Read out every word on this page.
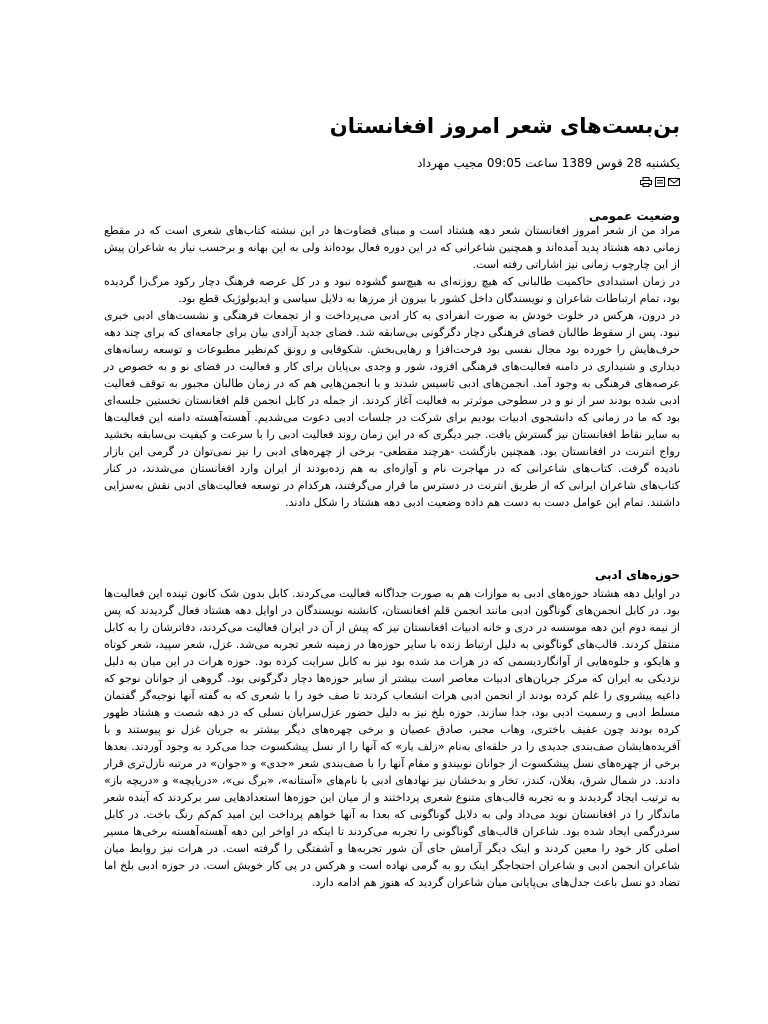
بن‌بست‌های شعر امروز افغانستان
یکشنبه 28 قوس 1389 ساعت 09:05 مجیب مهرداد
وضعیت عمومی

مراد من از شعر امروز افغانستان شعر دهه هشتاد است و مبنای قضاوت‌ها در این نبشته کتاب‌های شعری است که در مقطع زمانی دهه هشتاد پدید آمده‌اند و همچنین شاعرانی که در این دوره فعال بوده‌اند ولی به این بهانه و برحسب نیاز به شاعران پیش از این چارچوب زمانی نیز اشاراتی رفته است.

در زمان استبدادی حاکمیت طالبانی که هیچ روزنه‌ای به هیچ‌سو گشوده نبود و در کل عرصه فرهنگ دچار رکود مرگ‌زا گردیده بود، تمام ارتباطات شاعران و نویسندگان داخل کشور با بیرون از مرزها به دلایل سیاسی و ایدیولوژیک قطع بود.

در درون، هرکس در خلوت خودش به صورت انفرادی به کار ادبی می‌پرداخت و از تجمعات فرهنگی و نشست‌های ادبی خبری نبود. پس از سقوط طالبان فضای فرهنگی دچار دگرگونی بی‌سابقه شد. فضای جدید آزادی بیان برای جامعه‌ای که برای چند دهه حرف‌هایش را خورده بود مجال نفسی بود فرحت‌افزا و رهایی‌بخش. شکوفایی و رونق کم‌نظیر مطبوعات و توسعه رسانه‌های دیداری و شنیداری در دامنه فعالیت‌های فرهنگی افزود، شور و وجدی بی‌پایان برای کار و فعالیت در فضای نو و به خصوص در عرصه‌های فرهنگی به وجود آمد. انجمن‌های ادبی تاسیس شدند و با انجمن‌هایی هم که در زمان طالبان مجبور به توقف فعالیت ادبی شده بودند سر از نو و در سطوحی موثرتر به فعالیت آغاز کردند. از جمله در کابل انجمن قلم افغانستان نخستین جلسه‌ای بود که ما در زمانی که دانشجوی ادبیات بودیم برای شرکت در جلسات ادبی دعوت می‌شدیم. آهسته‌آهسته دامنه این فعالیت‌ها به سایر نقاط افغانستان نیز گسترش یافت. جبر دیگری که در این زمان روند فعالیت ادبی را با سرعت و کیفیت بی‌سابقه بخشید رواج انترنت در افغانستان بود. همچنین بازگشت -هرچند مقطعی- برخی از چهره‌های ادبی را نیز نمی‌توان در گرمی این بازار نادیده گرفت. کتاب‌های شاعرانی که در مهاجرت نام و آوازه‌ای به هم زده‌بودند از ایران وارد افغانستان می‌شدند، در کنار کتاب‌های شاعران ایرانی که از طریق انترنت در دسترس ما قرار می‌گرفتند، هرکدام در توسعه فعالیت‌های ادبی نقش به‌سزایی داشتند. تمام این عوامل دست به دست هم داده وضعیت ادبی دهه هشتاد را شکل دادند.

حوزه‌های ادبی

در اوایل دهه هشتاد حوزه‌های ادبی به موازات هم به صورت جداگانه فعالیت می‌کردند. کابل بدون شک کانون تپنده این فعالیت‌ها بود. در کابل انجمن‌های گوناگون ادبی مانند انجمن قلم افغانستان، کانشنه نویسندگان در اوایل دهه هشتاد فعال گردیدند که پس از نیمه دوم این دهه موسسه در دری و خانه ادبیات افغانستان نیز که پیش از آن در ایران فعالیت می‌کردند، دفاترشان را به کابل منتقل کردند. قالب‌های گوناگونی به دلیل ارتباط زنده با سایر حوزه‌ها در زمینه شعر تجربه می‌شد. غزل، شعر سپید، شعر کوتاه و هایکو، و جلوه‌هایی از آوانگاردیسمی که در هرات مد شده بود نیز به کابل سرایت کرده بود. حوزه هرات در این میان به دلیل نزدیکی به ایران که مرکز جریان‌های ادبیات معاصر است بیشتر از سایر حوزه‌ها دچار دگرگونی بود. گروهی از جوانان نوجو که داعیه پیشروی را علم کرده بودند از انجمن ادبی هرات انشعاب کردند تا صف خود را با شعری که به گفته آنها نوجیه‌گر گفتمان مسلط ادبی و رسمیت ادبی بود، جدا سازند. حوزه بلخ نیز به دلیل حضور عزل‌سرایان نسلی که در دهه شصت و هشتاد ظهور کرده بودند چون عفیف باختری، وهاب مجبر، صادق عصیان و برخی چهره‌های دیگر بیشتر به جریان غزل نو پیوستند و با آفریده‌هایشان صف‌بندی جدیدی را در حلقه‌ای به‌نام «زلف یار» که آنها را از نسل پیشکسوت جدا می‌کرد به وجود آوردند. بعدها برخی از چهره‌های نسل پیشکسوت از جوانان نوبیندو و مقام آنها را با صف‌بندی شعر «جدی» و «جوان» در مرتبه نازل‌تری قرار دادند. در شمال شرق، بغلان، کندز، تخار و بدخشان نیز نهادهای ادبی با نام‌های «آستانه»، «برگ نی»، «دریایچه» و «دریچه باز» به ترتیب ایجاد گردیدند و به تجربه قالب‌های متنوع شعری پرداختند و از میان این حوزه‌ها استعدادهایی سر برکردند که آینده شعر ماندگار را در افغانستان نوید می‌داد ولی به دلایل گوناگونی که بعدا به آنها خواهم پرداخت این امید کم‌کم رنگ باخت. در کابل سردرگمی ایجاد شده بود. شاعران قالب‌های گوناگونی را تجربه می‌کردند تا اینکه در اواخر این دهه آهسته‌آهسته برخی‌ها مسیر اصلی کار خود را معین کردند و اینک دیگر آرامش جای آن شور تجربه‌ها و آشفتگی را گرفته است. در هرات نیز روابط میان شاعران انجمن ادبی و شاعران احتجاجگر اینک رو به گرمی نهاده است و هرکس در پی کار خویش است. در حوزه ادبی بلخ اما تضاد دو نسل باعث جدل‌های بی‌پایانی میان شاعران گردید که هنوز هم ادامه دارد.
